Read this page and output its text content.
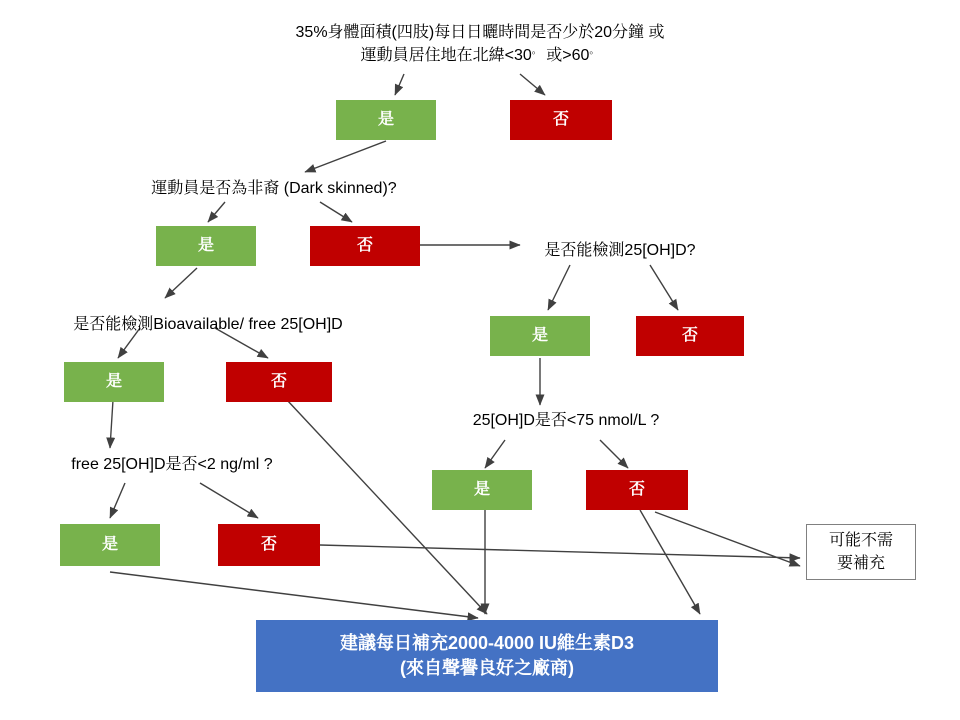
35%身體面積(四肢)每日日曬時間是否少於20分鐘 或
運動員居住地在北緯<30。 或>60。
是	否
運動員是否為非裔 (Dark skinned)?
是	否	是否能檢測25[OH]D?
是	否
是否能檢測Bioavailable/ free 25[OH]D
是	否
25[OH]D是否<75 nmol/L ?
是	否
free 25[OH]D是否<2 ng/ml ?
是	否	可能不需
要補充
建議每日補充2000-4000 IU維生素D3
(來自聲譽良好之廠商)
